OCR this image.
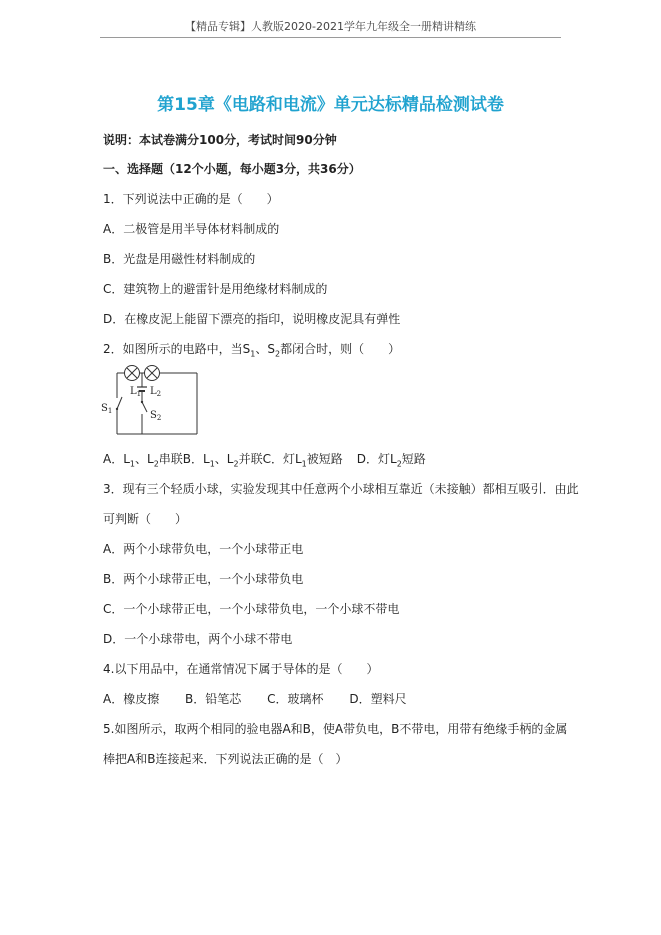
【精品专辑】人教版2020-2021学年九年级全一册精讲精练
第15章《电路和电流》单元达标精品检测试卷
说明：本试卷满分100分，考试时间90分钟
一、选择题（12个小题，每小题3分，共36分）
1．下列说法中正确的是（　　）
A．二极管是用半导体材料制成的
B．光盘是用磁性材料制成的
C．建筑物上的避雷针是用绝缘材料制成的
D．在橡皮泥上能留下漂亮的指印，说明橡皮泥具有弹性
2．如图所示的电路中，当$S_1$、$S_2$都闭合时，则（　　）
$L_1$ $L_2$
$S_1$	$S_2$
A．$L_1$、$L_2$串联B．$L_1$、$L_2$并联C．灯$L_1$被短路 D．灯$L_2$短路
3．现有三个轻质小球，实验发现其中任意两个小球相互靠近（未接触）都相互吸引．由此
可判断（　　）
A．两个小球带负电，一个小球带正电
B．两个小球带正电，一个小球带负电
C．一个小球带正电，一个小球带负电，一个小球不带电
D．一个小球带电，两个小球不带电
4.以下用品中，在通常情况下属于导体的是（　　）
A．橡皮擦 B．铅笔芯 C．玻璃杯 D．塑料尺
5.如图所示，取两个相同的验电器A和B，使A带负电，B不带电，用带有绝缘手柄的金属
棒把A和B连接起来．下列说法正确的是（　）
